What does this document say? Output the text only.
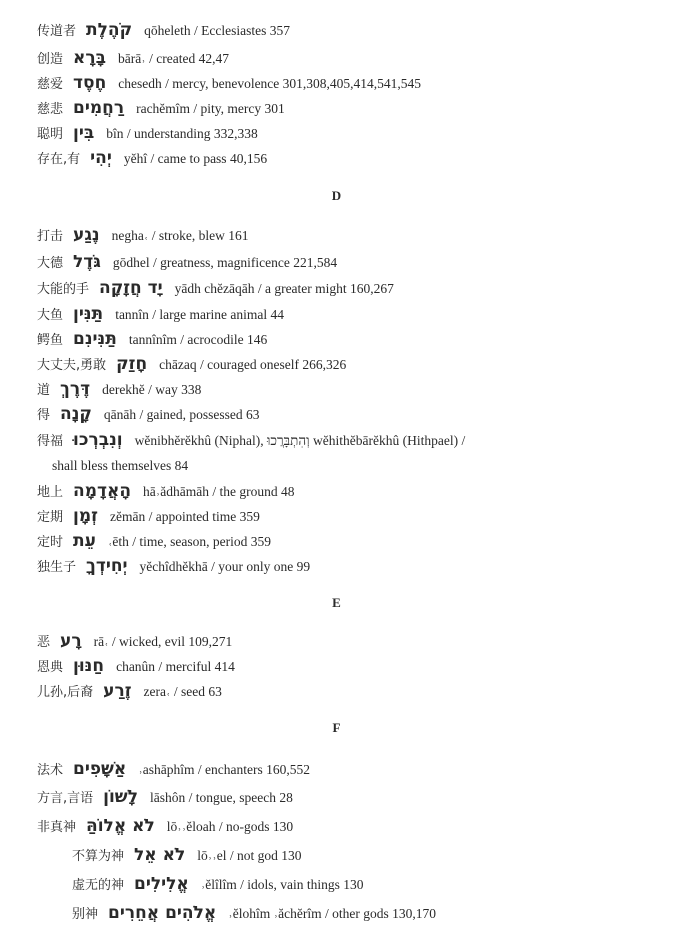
传道者 קֹהֶלֶת qōheleth / Ecclesiastes 357
创造 בָּרָא bārā˒ / created 42,47
慈爱 חֶסֶד chesedh / mercy, benevolence 301,308,405,414,541,545
慈悲 רַחֲמִים rachĕmîm / pity, mercy 301
聪明 בִּין bîn / understanding 332,338
存在,有 יְהִי yĕhî / came to pass 40,156
D
打击 נֶגַע negha˓ / stroke, blew 161
大德 גֹּדֶל gōdhel / greatness, magnificence 221,584
大能的手 יָד חֲזָקָה yādh chĕzāqāh / a greater might 160,267
大鱼 תַּנִּין tannîn / large marine animal 44
鳄鱼 תַּנִּינִם tannînîm / acrocodile 146
大丈夫,勇敢 חָזַק chāzaq / couraged oneself 266,326
道 דֶּרֶךְ derekhĕ / way 338
得 קָנָה qānāh / gained, possessed 63
得福 וְנִבְרְכוּ wĕnibhĕrĕkhû (Niphal), וְהִתְבָּרֲכוּ wĕhithĕbārĕkhû (Hithpael) /
shall bless themselves 84
地上 הָאֲדָמָה hā˒ădhāmāh / the ground 48
定期 זְמָן zĕmān / appointed time 359
定时 עֵת ˓ēth / time, season, period 359
独生子 יְחִידְךָ yĕchîdhĕkhā / your only one 99
E
恶 רָע rā˓ / wicked, evil 109,271
恩典 חַנּוּן chanûn / merciful 414
儿孙,后裔 זֶרַע zera˓ / seed 63
F
法术 אַשָּׁפִים ˒ashāphîm / enchanters 160,552
方言,言语 לָשׁוֹן lāshôn / tongue, speech 28
非真神 לֹא אֱלוֹהַּ lō˒˒ĕloah / no-gods 130
不算为神 לֹא אֵל lō˒˒el / not god 130
虚无的神 אֱלִילִים ˒ĕlîlîm / idols, vain things 130
别神 אֱלֹהִים אֲחֵרִים ˒ĕlohîm ˒ăchĕrîm / other gods 130,170
